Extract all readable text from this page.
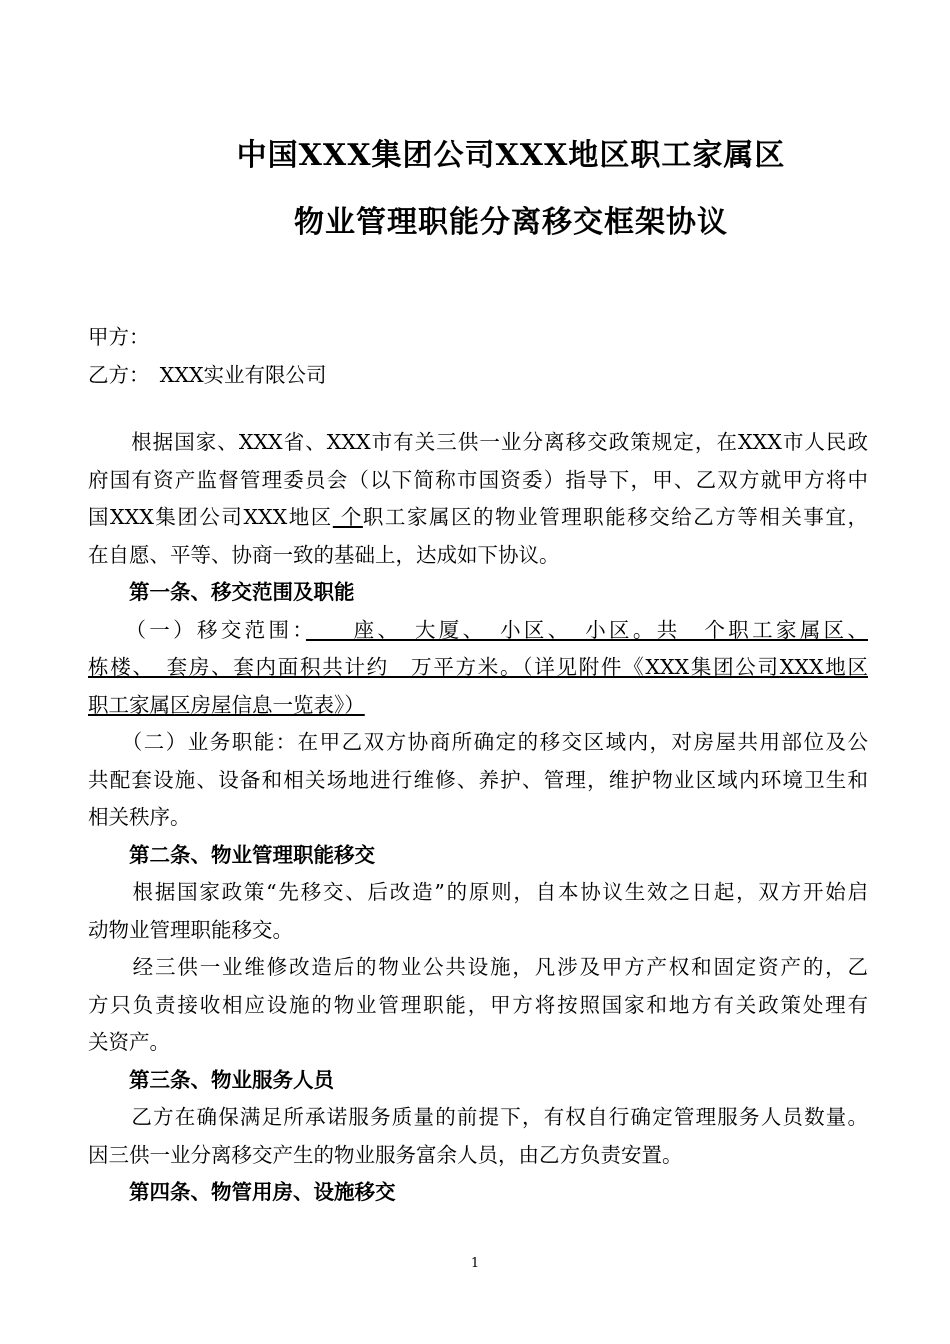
中国XXX集团公司XXX地区职工家属区
物业管理职能分离移交框架协议
甲方：
乙方：　XXX实业有限公司
　　根据国家、XXX省、XXX市有关三供一业分离移交政策规定，在XXX市人民政
府国有资产监督管理委员会（以下简称市国资委）指导下，甲、乙双方就甲方将中
国XXX集团公司XXX地区 个职工家属区的物业管理职能移交给乙方等相关事宜，
在自愿、平等、协商一致的基础上，达成如下协议。
　　第一条、移交范围及职能
　　（一）移交范围：　　座、　大厦、　小区、　小区。共　个职工家属区、
栋楼、　套房、套内面积共计约　万平方米。（详见附件《XXX集团公司XXX地区
职工家属区房屋信息一览表》）
　　（二）业务职能：在甲乙双方协商所确定的移交区域内，对房屋共用部位及公
共配套设施、设备和相关场地进行维修、养护、管理，维护物业区域内环境卫生和
相关秩序。
　　第二条、物业管理职能移交
　　根据国家政策“先移交、后改造”的原则，自本协议生效之日起，双方开始启
动物业管理职能移交。
　　经三供一业维修改造后的物业公共设施，凡涉及甲方产权和固定资产的，乙
方只负责接收相应设施的物业管理职能，甲方将按照国家和地方有关政策处理有
关资产。
　　第三条、物业服务人员
　　乙方在确保满足所承诺服务质量的前提下，有权自行确定管理服务人员数量。
因三供一业分离移交产生的物业服务富余人员，由乙方负责安置。
　　第四条、物管用房、设施移交
1
